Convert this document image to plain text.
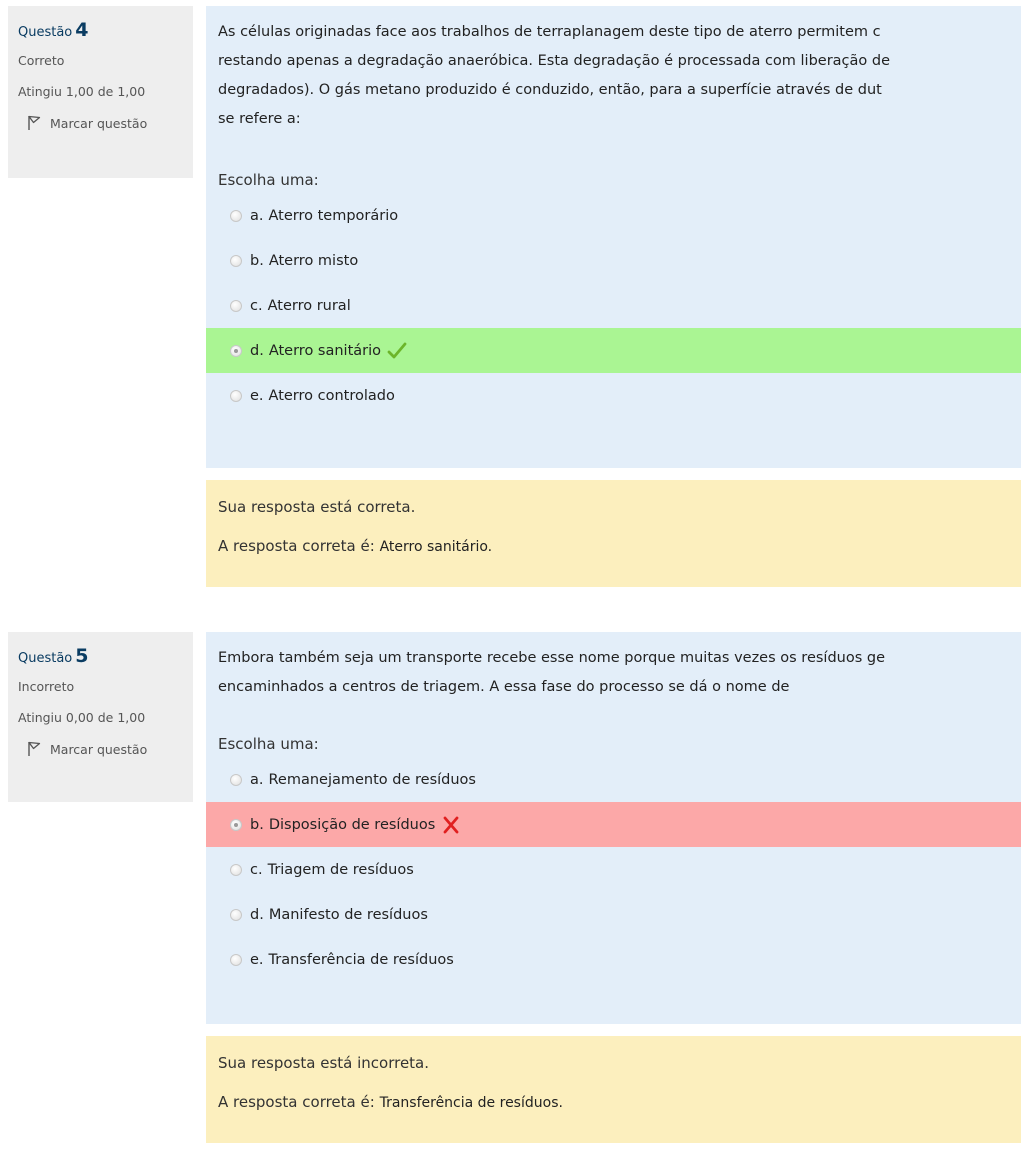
Questão 4
Correto
Atingiu 1,00 de 1,00
Marcar questão
As células originadas face aos trabalhos de terraplanagem deste tipo de aterro permitem c
restando apenas a degradação anaeróbica. Esta degradação é processada com liberação de
degradados). O gás metano produzido é conduzido, então, para a superfície através de dut
se refere a:
Escolha uma:
a. Aterro temporário
b. Aterro misto
c. Aterro rural
d. Aterro sanitário
e. Aterro controlado
Sua resposta está correta.
A resposta correta é: Aterro sanitário.
Questão 5
Incorreto
Atingiu 0,00 de 1,00
Marcar questão
Embora também seja um transporte recebe esse nome porque muitas vezes os resíduos ge
encaminhados a centros de triagem. A essa fase do processo se dá o nome de
Escolha uma:
a. Remanejamento de resíduos
b. Disposição de resíduos
c. Triagem de resíduos
d. Manifesto de resíduos
e. Transferência de resíduos
Sua resposta está incorreta.
A resposta correta é: Transferência de resíduos.
